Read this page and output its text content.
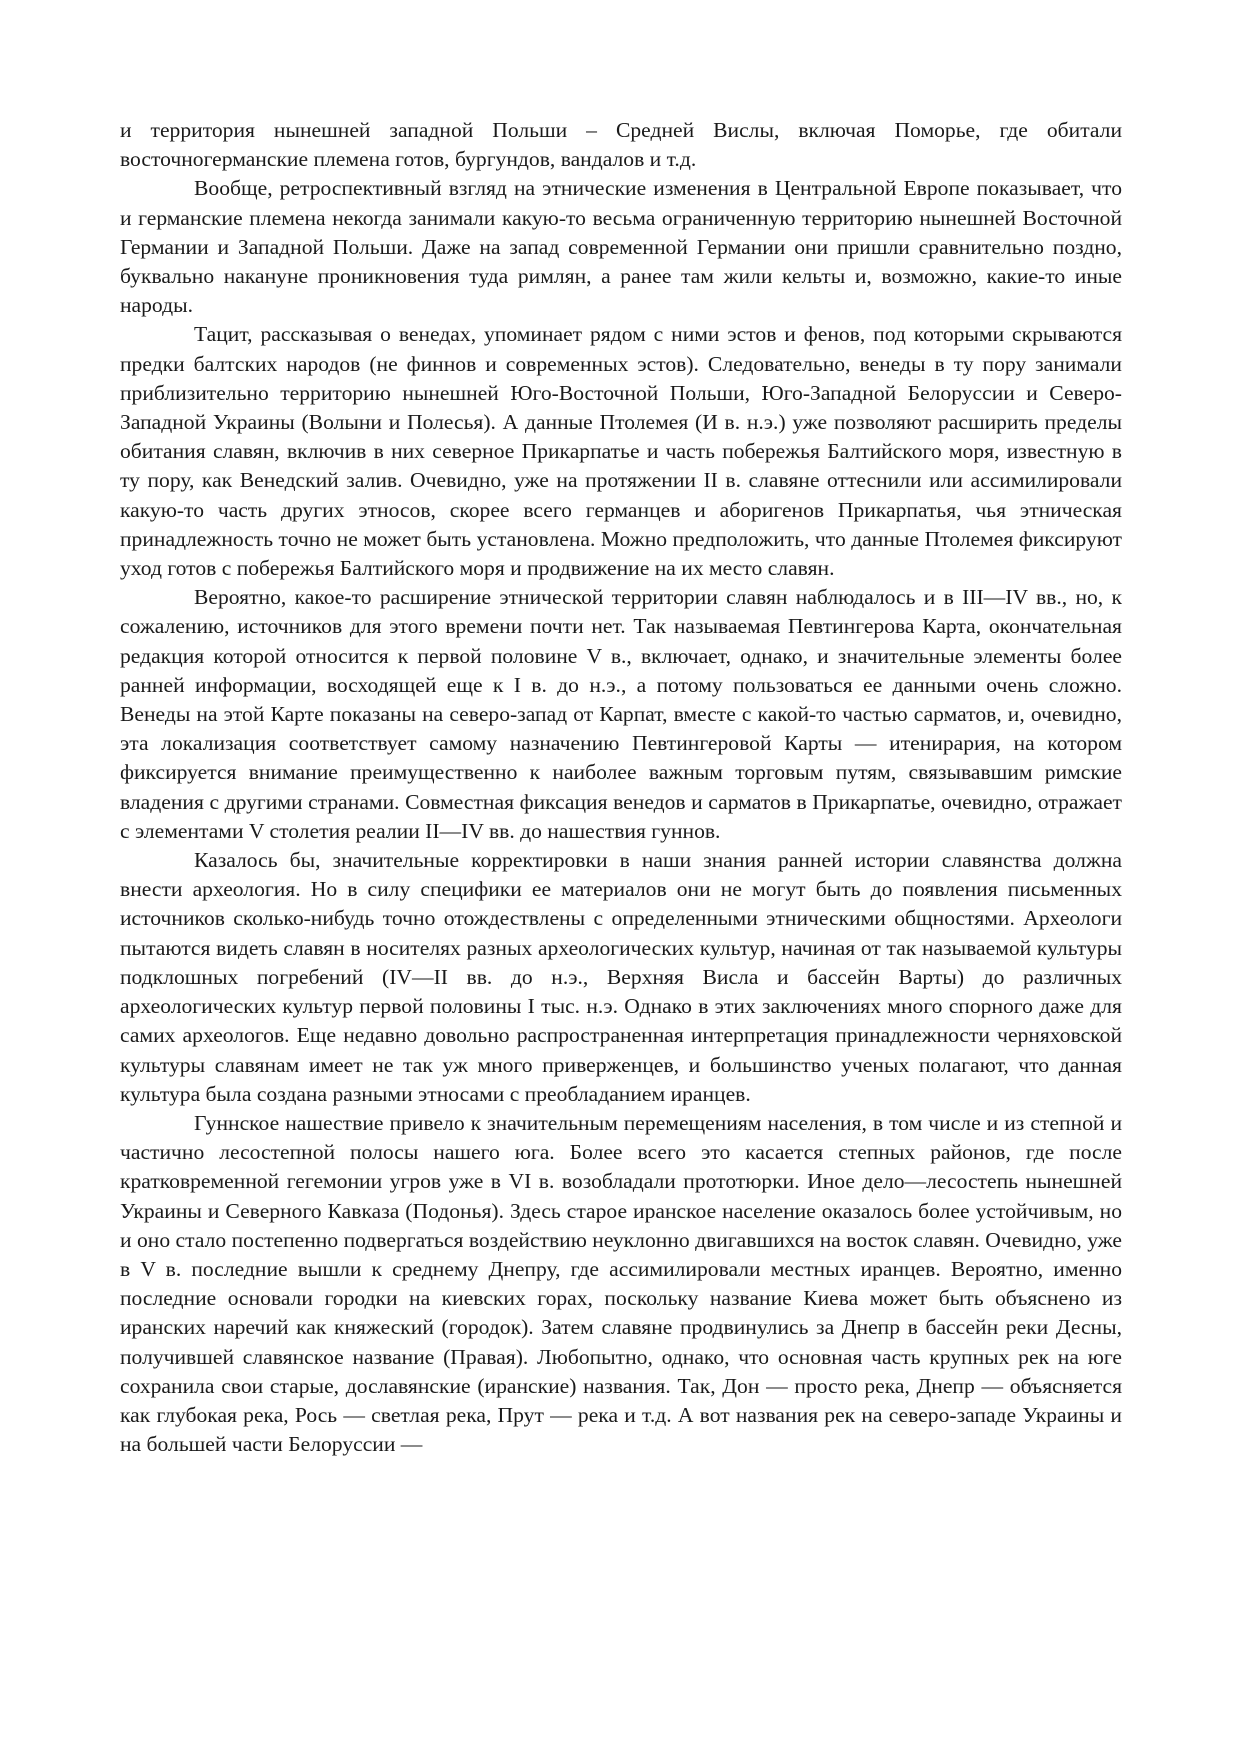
и территория нынешней западной Польши – Средней Вислы, включая Поморье, где обитали восточногерманские племена готов, бургундов, вандалов и т.д.

Вообще, ретроспективный взгляд на этнические изменения в Центральной Европе показывает, что и германские племена некогда занимали какую-то весьма ограниченную территорию нынешней Восточной Германии и Западной Польши. Даже на запад современной Германии они пришли сравнительно поздно, буквально накануне проникновения туда римлян, а ранее там жили кельты и, возможно, какие-то иные народы.

Тацит, рассказывая о венедах, упоминает рядом с ними эстов и фенов, под которыми скрываются предки балтских народов (не финнов и современных эстов). Следовательно, венеды в ту пору занимали приблизительно территорию нынешней Юго-Восточной Польши, Юго-Западной Белоруссии и Северо-Западной Украины (Волыни и Полесья). А данные Птолемея (И в. н.э.) уже позволяют расширить пределы обитания славян, включив в них северное Прикарпатье и часть побережья Балтийского моря, известную в ту пору, как Венедский залив. Очевидно, уже на протяжении II в. славяне оттеснили или ассимилировали какую-то часть других этносов, скорее всего германцев и аборигенов Прикарпатья, чья этническая принадлежность точно не может быть установлена. Можно предположить, что данные Птолемея фиксируют уход готов с побережья Балтийского моря и продвижение на их место славян.

Вероятно, какое-то расширение этнической территории славян наблюдалось и в III—IV вв., но, к сожалению, источников для этого времени почти нет. Так называемая Певтингерова Карта, окончательная редакция которой относится к первой половине V в., включает, однако, и значительные элементы более ранней информации, восходящей еще к I в. до н.э., а потому пользоваться ее данными очень сложно. Венеды на этой Карте показаны на северо-запад от Карпат, вместе с какой-то частью сарматов, и, очевидно, эта локализация соответствует самому назначению Певтингеровой Карты — итенирария, на котором фиксируется внимание преимущественно к наиболее важным торговым путям, связывавшим римские владения с другими странами. Совместная фиксация венедов и сарматов в Прикарпатье, очевидно, отражает с элементами V столетия реалии II—IV вв. до нашествия гуннов.

Казалось бы, значительные корректировки в наши знания ранней истории славянства должна внести археология. Но в силу специфики ее материалов они не могут быть до появления письменных источников сколько-нибудь точно отождествлены с определенными этническими общностями. Археологи пытаются видеть славян в носителях разных археологических культур, начиная от так называемой культуры подклошных погребений (IV—II вв. до н.э., Верхняя Висла и бассейн Варты) до различных археологических культур первой половины I тыс. н.э. Однако в этих заключениях много спорного даже для самих археологов. Еще недавно довольно распространенная интерпретация принадлежности черняховской культуры славянам имеет не так уж много приверженцев, и большинство ученых полагают, что данная культура была создана разными этносами с преобладанием иранцев.

Гуннское нашествие привело к значительным перемещениям населения, в том числе и из степной и частично лесостепной полосы нашего юга. Более всего это касается степных районов, где после кратковременной гегемонии угров уже в VI в. возобладали прототюрки. Иное дело—лесостепь нынешней Украины и Северного Кавказа (Подонья). Здесь старое иранское население оказалось более устойчивым, но и оно стало постепенно подвергаться воздействию неуклонно двигавшихся на восток славян. Очевидно, уже в V в. последние вышли к среднему Днепру, где ассимилировали местных иранцев. Вероятно, именно последние основали городки на киевских горах, поскольку название Киева может быть объяснено из иранских наречий как княжеский (городок). Затем славяне продвинулись за Днепр в бассейн реки Десны, получившей славянское название (Правая). Любопытно, однако, что основная часть крупных рек на юге сохранила свои старые, дославянские (иранские) названия. Так, Дон — просто река, Днепр — объясняется как глубокая река, Рось — светлая река, Прут — река и т.д. А вот названия рек на северо-западе Украины и на большей части Белоруссии —
